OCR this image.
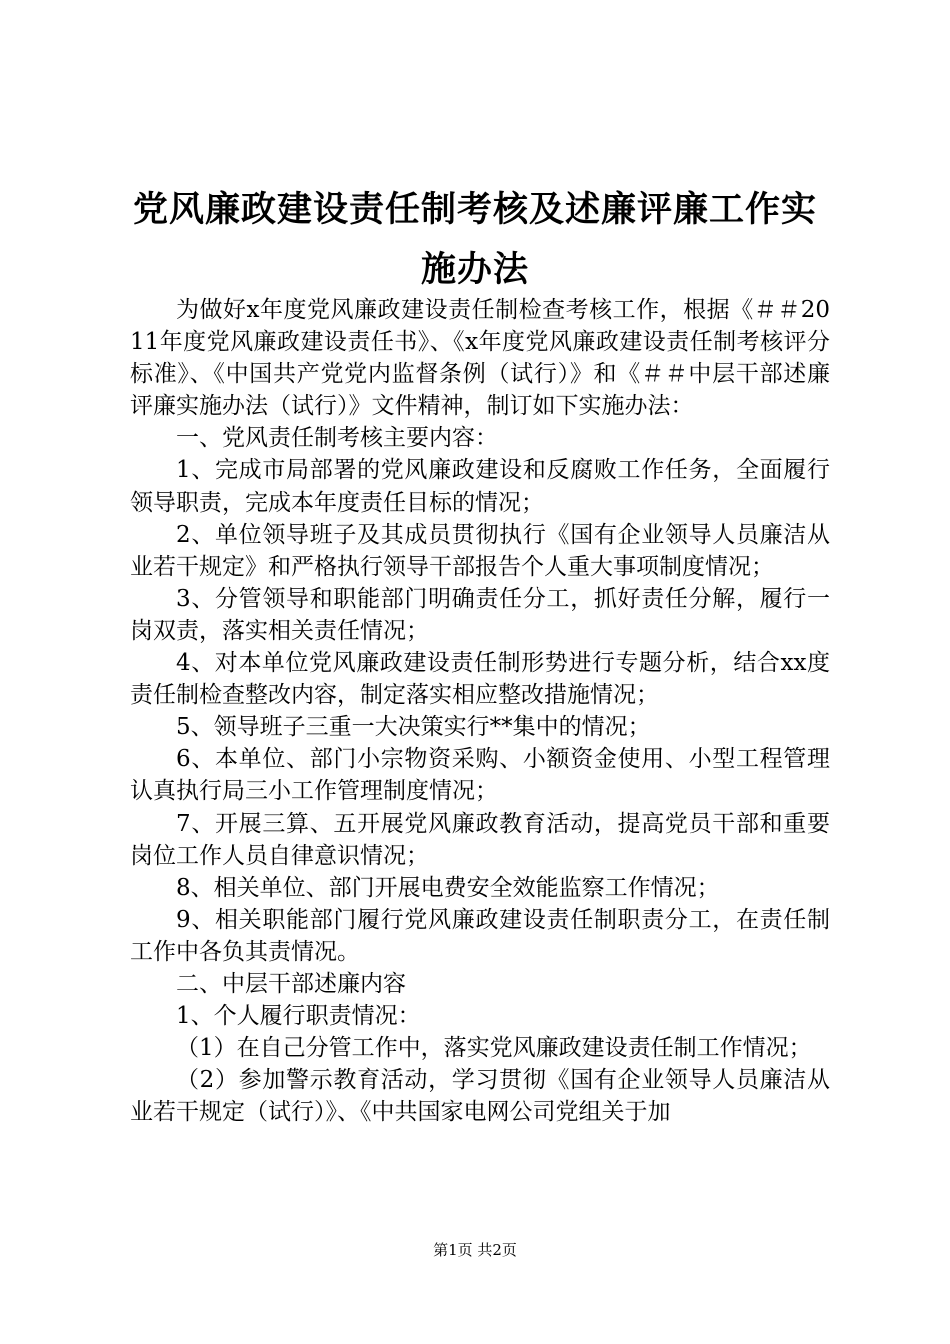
党风廉政建设责任制考核及述廉评廉工作实施办法

为做好x年度党风廉政建设责任制检查考核工作，根据《＃＃2011年度党风廉政建设责任书》、《x年度党风廉政建设责任制考核评分标准》、《中国共产党党内监督条例（试行）》和《＃＃中层干部述廉评廉实施办法（试行）》文件精神，制订如下实施办法：

一、党风责任制考核主要内容：

1、完成市局部署的党风廉政建设和反腐败工作任务，全面履行领导职责，完成本年度责任目标的情况；

2、单位领导班子及其成员贯彻执行《国有企业领导人员廉洁从业若干规定》和严格执行领导干部报告个人重大事项制度情况；

3、分管领导和职能部门明确责任分工，抓好责任分解，履行一岗双责，落实相关责任情况；

4、对本单位党风廉政建设责任制形势进行专题分析，结合xx度责任制检查整改内容，制定落实相应整改措施情况；

5、领导班子三重一大决策实行**集中的情况；

6、本单位、部门小宗物资采购、小额资金使用、小型工程管理认真执行局三小工作管理制度情况；

7、开展三算、五开展党风廉政教育活动，提高党员干部和重要岗位工作人员自律意识情况；

8、相关单位、部门开展电费安全效能监察工作情况；

9、相关职能部门履行党风廉政建设责任制职责分工，在责任制工作中各负其责情况。

二、中层干部述廉内容

1、个人履行职责情况：

（1）在自己分管工作中，落实党风廉政建设责任制工作情况；

（2）参加警示教育活动，学习贯彻《国有企业领导人员廉洁从业若干规定（试行）》、《中共国家电网公司党组关于加

第1页 共2页
